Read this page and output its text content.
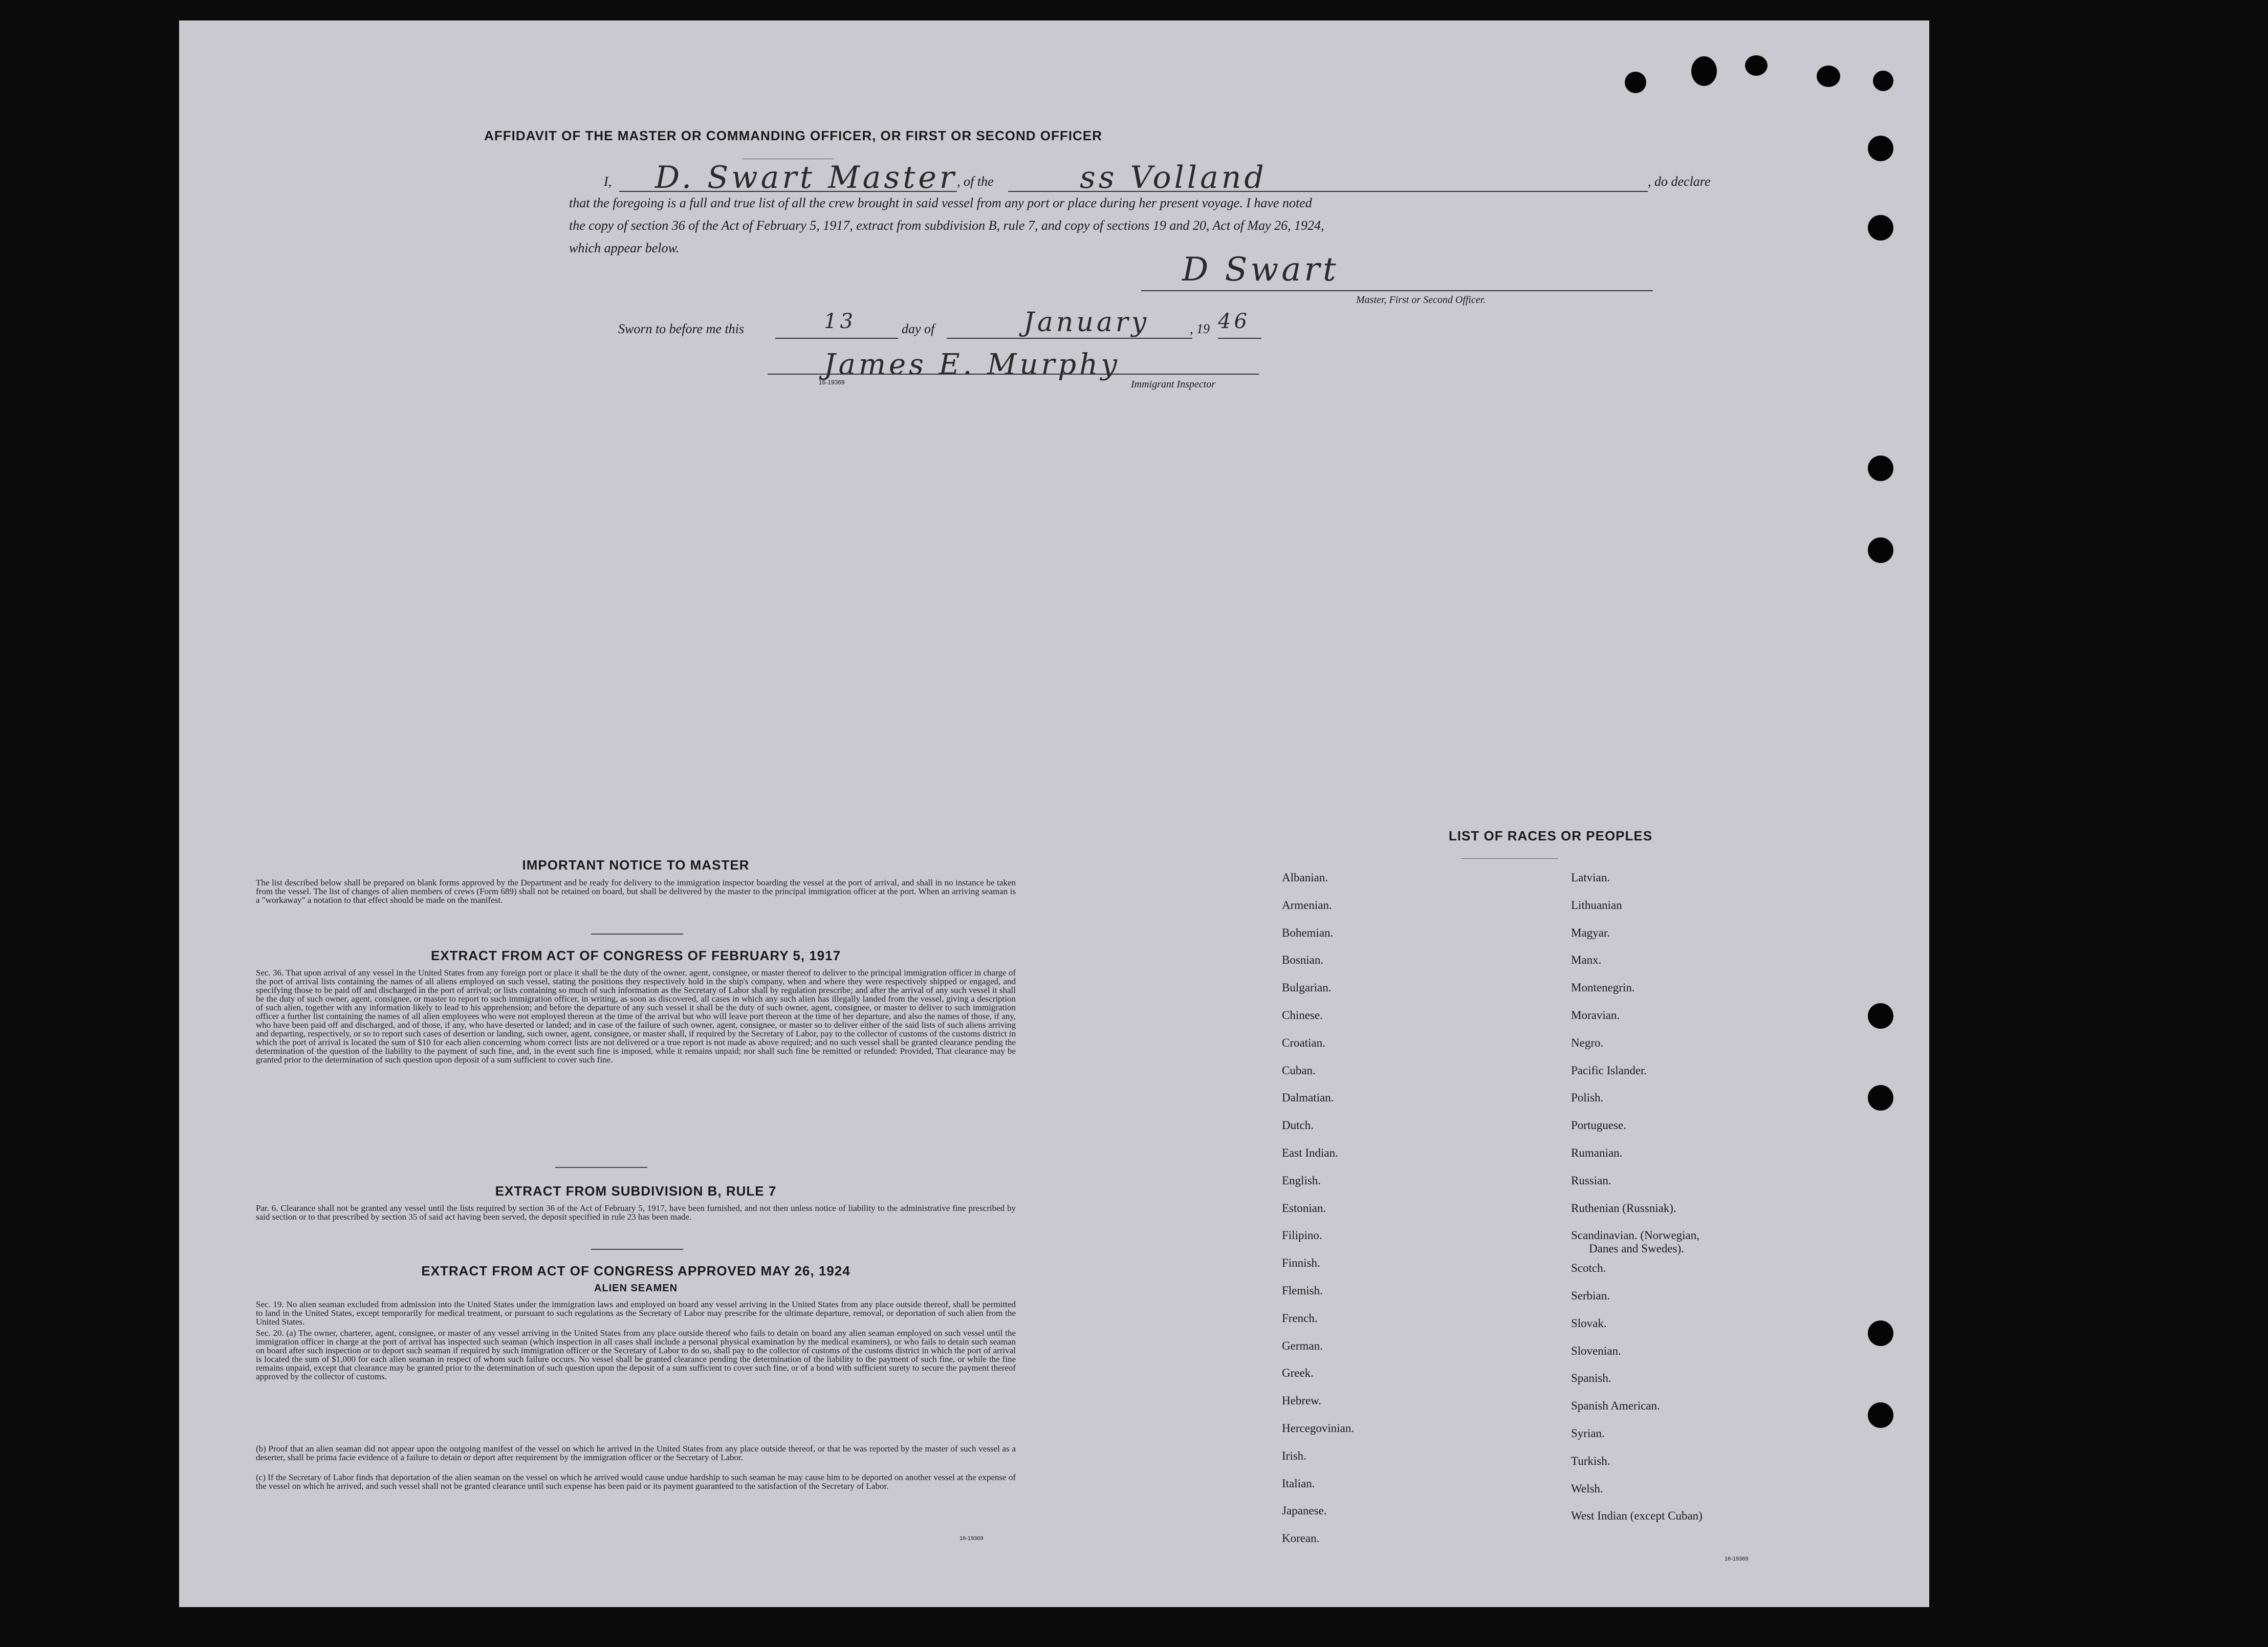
AFFIDAVIT OF THE MASTER OR COMMANDING OFFICER, OR FIRST OR SECOND OFFICER
I, D. Swart Master , of the	ss Volland	, do declare
that the foregoing is a full and true list of all the crew brought in said vessel from any port or place during her present voyage. I have noted
the copy of section 36 of the Act of February 5, 1917, extract from subdivision B, rule 7, and copy of sections 19 and 20, Act of May 26, 1924,
which appear below.
D Swart
Master, First or Second Officer.
Sworn to before me this	13	day of	January	, 19 46
James E. Murphy
16-19369	Immigrant Inspector
IMPORTANT NOTICE TO MASTER
The list described below shall be prepared on blank forms approved by the Department and be ready for delivery to the immigration inspector boarding the vessel at the port of arrival, and shall in no instance be taken from the vessel. The list of changes of alien members of crews (Form 689) shall not be retained on board, but shall be delivered by the master to the principal immigration officer at the port. When an arriving seaman is a "workaway" a notation to that effect should be made on the manifest.
EXTRACT FROM ACT OF CONGRESS OF FEBRUARY 5, 1917
Sec. 36. That upon arrival of any vessel in the United States from any foreign port or place it shall be the duty of the owner, agent, consignee, or master thereof to deliver to the principal immigration officer in charge of the port of arrival lists containing the names of all aliens employed on such vessel, stating the positions they respectively hold in the ship's company, when and where they were respectively shipped or engaged, and specifying those to be paid off and discharged in the port of arrival; or lists containing so much of such information as the Secretary of Labor shall by regulation prescribe; and after the arrival of any such vessel it shall be the duty of such owner, agent, consignee, or master to report to such immigration officer, in writing, as soon as discovered, all cases in which any such alien has illegally landed from the vessel, giving a description of such alien, together with any information likely to lead to his apprehension; and before the departure of any such vessel it shall be the duty of such owner, agent, consignee, or master to deliver to such immigration officer a further list containing the names of all alien employees who were not employed thereon at the time of the arrival but who will leave port thereon at the time of her departure, and also the names of those, if any, who have been paid off and discharged, and of those, if any, who have deserted or landed; and in case of the failure of such owner, agent, consignee, or master so to deliver either of the said lists of such aliens arriving and departing, respectively, or so to report such cases of desertion or landing, such owner, agent, consignee, or master shall, if required by the Secretary of Labor, pay to the collector of customs of the customs district in which the port of arrival is located the sum of $10 for each alien concerning whom correct lists are not delivered or a true report is not made as above required; and no such vessel shall be granted clearance pending the determination of the question of the liability to the payment of such fine, and, in the event such fine is imposed, while it remains unpaid; nor shall such fine be remitted or refunded: Provided, That clearance may be granted prior to the determination of such question upon deposit of a sum sufficient to cover such fine.
EXTRACT FROM SUBDIVISION B, RULE 7
Par. 6. Clearance shall not be granted any vessel until the lists required by section 36 of the Act of February 5, 1917, have been furnished, and not then unless notice of liability to the administrative fine prescribed by said section or to that prescribed by section 35 of said act having been served, the deposit specified in rule 23 has been made.
EXTRACT FROM ACT OF CONGRESS APPROVED MAY 26, 1924
ALIEN SEAMEN
Sec. 19. No alien seaman excluded from admission into the United States under the immigration laws and employed on board any vessel arriving in the United States from any place outside thereof, shall be permitted to land in the United States, except temporarily for medical treatment, or pursuant to such regulations as the Secretary of Labor may prescribe for the ultimate departure, removal, or deportation of such alien from the United States.
Sec. 20. (a) The owner, charterer, agent, consignee, or master of any vessel arriving in the United States from any place outside thereof who fails to detain on board any alien seaman employed on such vessel until the immigration officer in charge at the port of arrival has inspected such seaman (which inspection in all cases shall include a personal physical examination by the medical examiners), or who fails to detain such seaman on board after such inspection or to deport such seaman if required by such immigration officer or the Secretary of Labor to do so, shall pay to the collector of customs of the customs district in which the port of arrival is located the sum of $1,000 for each alien seaman in respect of whom such failure occurs. No vessel shall be granted clearance pending the determination of the liability to the payment of such fine, or while the fine remains unpaid, except that clearance may be granted prior to the determination of such question upon the deposit of a sum sufficient to cover such fine, or of a bond with sufficient surety to secure the payment thereof approved by the collector of customs.
(b) Proof that an alien seaman did not appear upon the outgoing manifest of the vessel on which he arrived in the United States from any place outside thereof, or that he was reported by the master of such vessel as a deserter, shall be prima facie evidence of a failure to detain or deport after requirement by the immigration officer or the Secretary of Labor.
(c) If the Secretary of Labor finds that deportation of the alien seaman on the vessel on which he arrived would cause undue hardship to such seaman he may cause him to be deported on another vessel at the expense of the vessel on which he arrived, and such vessel shall not be granted clearance until such expense has been paid or its payment guaranteed to the satisfaction of the Secretary of Labor.
16-19369
LIST OF RACES OR PEOPLES
16-19369
Albanian.
Armenian.
Bohemian.
Bosnian.
Bulgarian.
Chinese.
Croatian.
Cuban.
Dalmatian.
Dutch.
East Indian.
English.
Estonian.
Filipino.
Finnish.
Flemish.
French.
German.
Greek.
Hebrew.
Hercegovinian.
Irish.
Italian.
Japanese.
Korean.
Latvian.
Lithuanian
Magyar.
Manx.
Montenegrin.
Moravian.
Negro.
Pacific Islander.
Polish.
Portuguese.
Rumanian.
Russian.
Ruthenian (Russniak).
Scandinavian. (Norwegian,
Danes and Swedes).
Scotch.
Serbian.
Slovak.
Slovenian.
Spanish.
Spanish American.
Syrian.
Turkish.
Welsh.
West Indian (except Cuban)
